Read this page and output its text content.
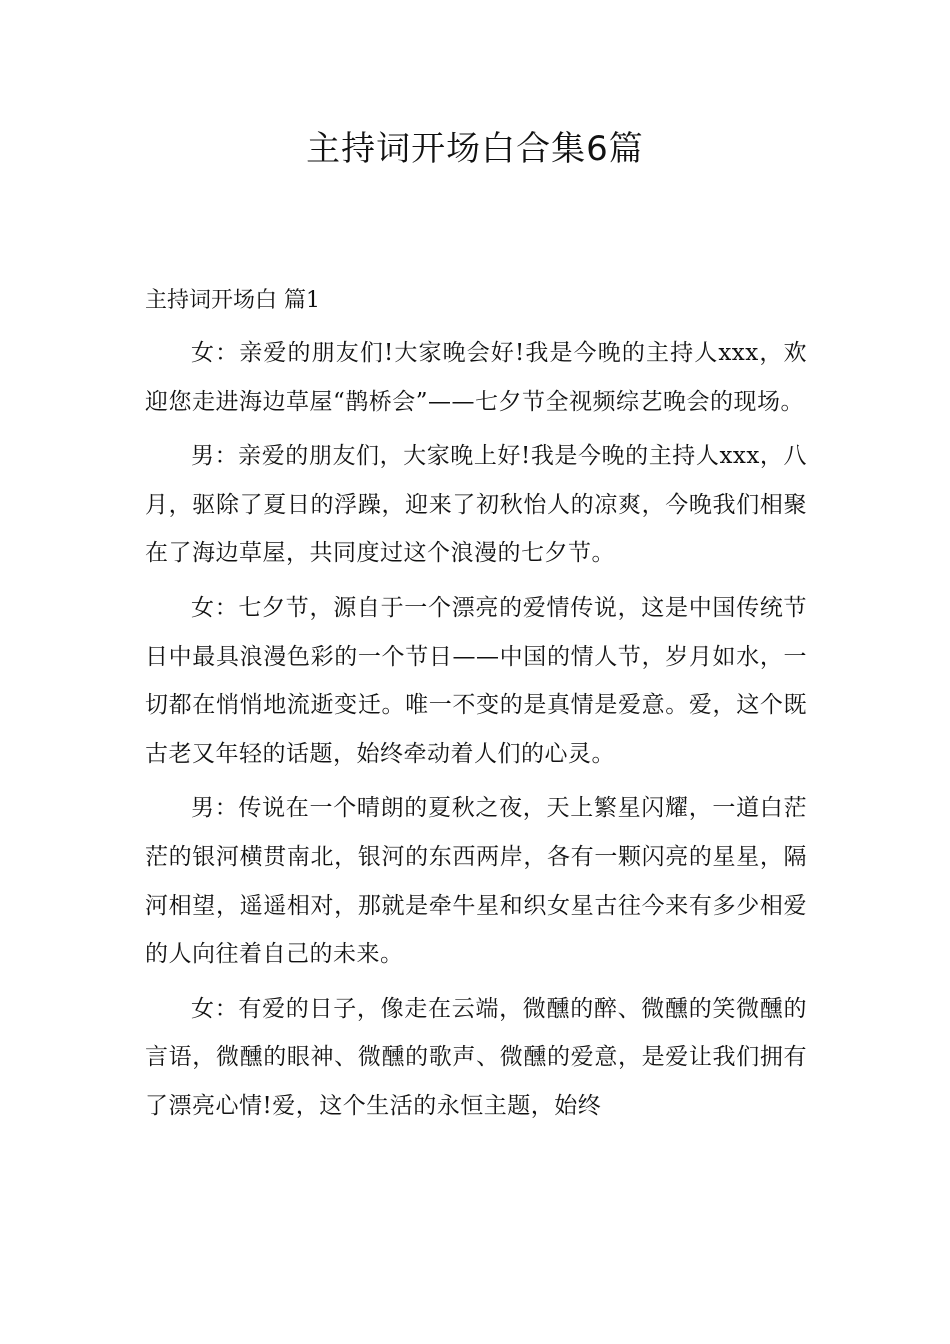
主持词开场白合集6篇
主持词开场白 篇1

女：亲爱的朋友们!大家晚会好!我是今晚的主持人xxx，欢迎您走进海边草屋“鹊桥会”——七夕节全视频综艺晚会的现场。

男：亲爱的朋友们，大家晚上好!我是今晚的主持人xxx，八月，驱除了夏日的浮躁，迎来了初秋怡人的凉爽，今晚我们相聚在了海边草屋，共同度过这个浪漫的七夕节。

女：七夕节，源自于一个漂亮的爱情传说，这是中国传统节日中最具浪漫色彩的一个节日——中国的情人节，岁月如水，一切都在悄悄地流逝变迁。唯一不变的是真情是爱意。爱，这个既古老又年轻的话题，始终牵动着人们的心灵。

男：传说在一个晴朗的夏秋之夜，天上繁星闪耀，一道白茫茫的银河横贯南北，银河的东西两岸，各有一颗闪亮的星星，隔河相望，遥遥相对，那就是牵牛星和织女星古往今来有多少相爱的人向往着自己的未来。

女：有爱的日子，像走在云端，微醺的醉、微醺的笑微醺的言语，微醺的眼神、微醺的歌声、微醺的爱意，是爱让我们拥有了漂亮心情!爱，这个生活的永恒主题，始终
